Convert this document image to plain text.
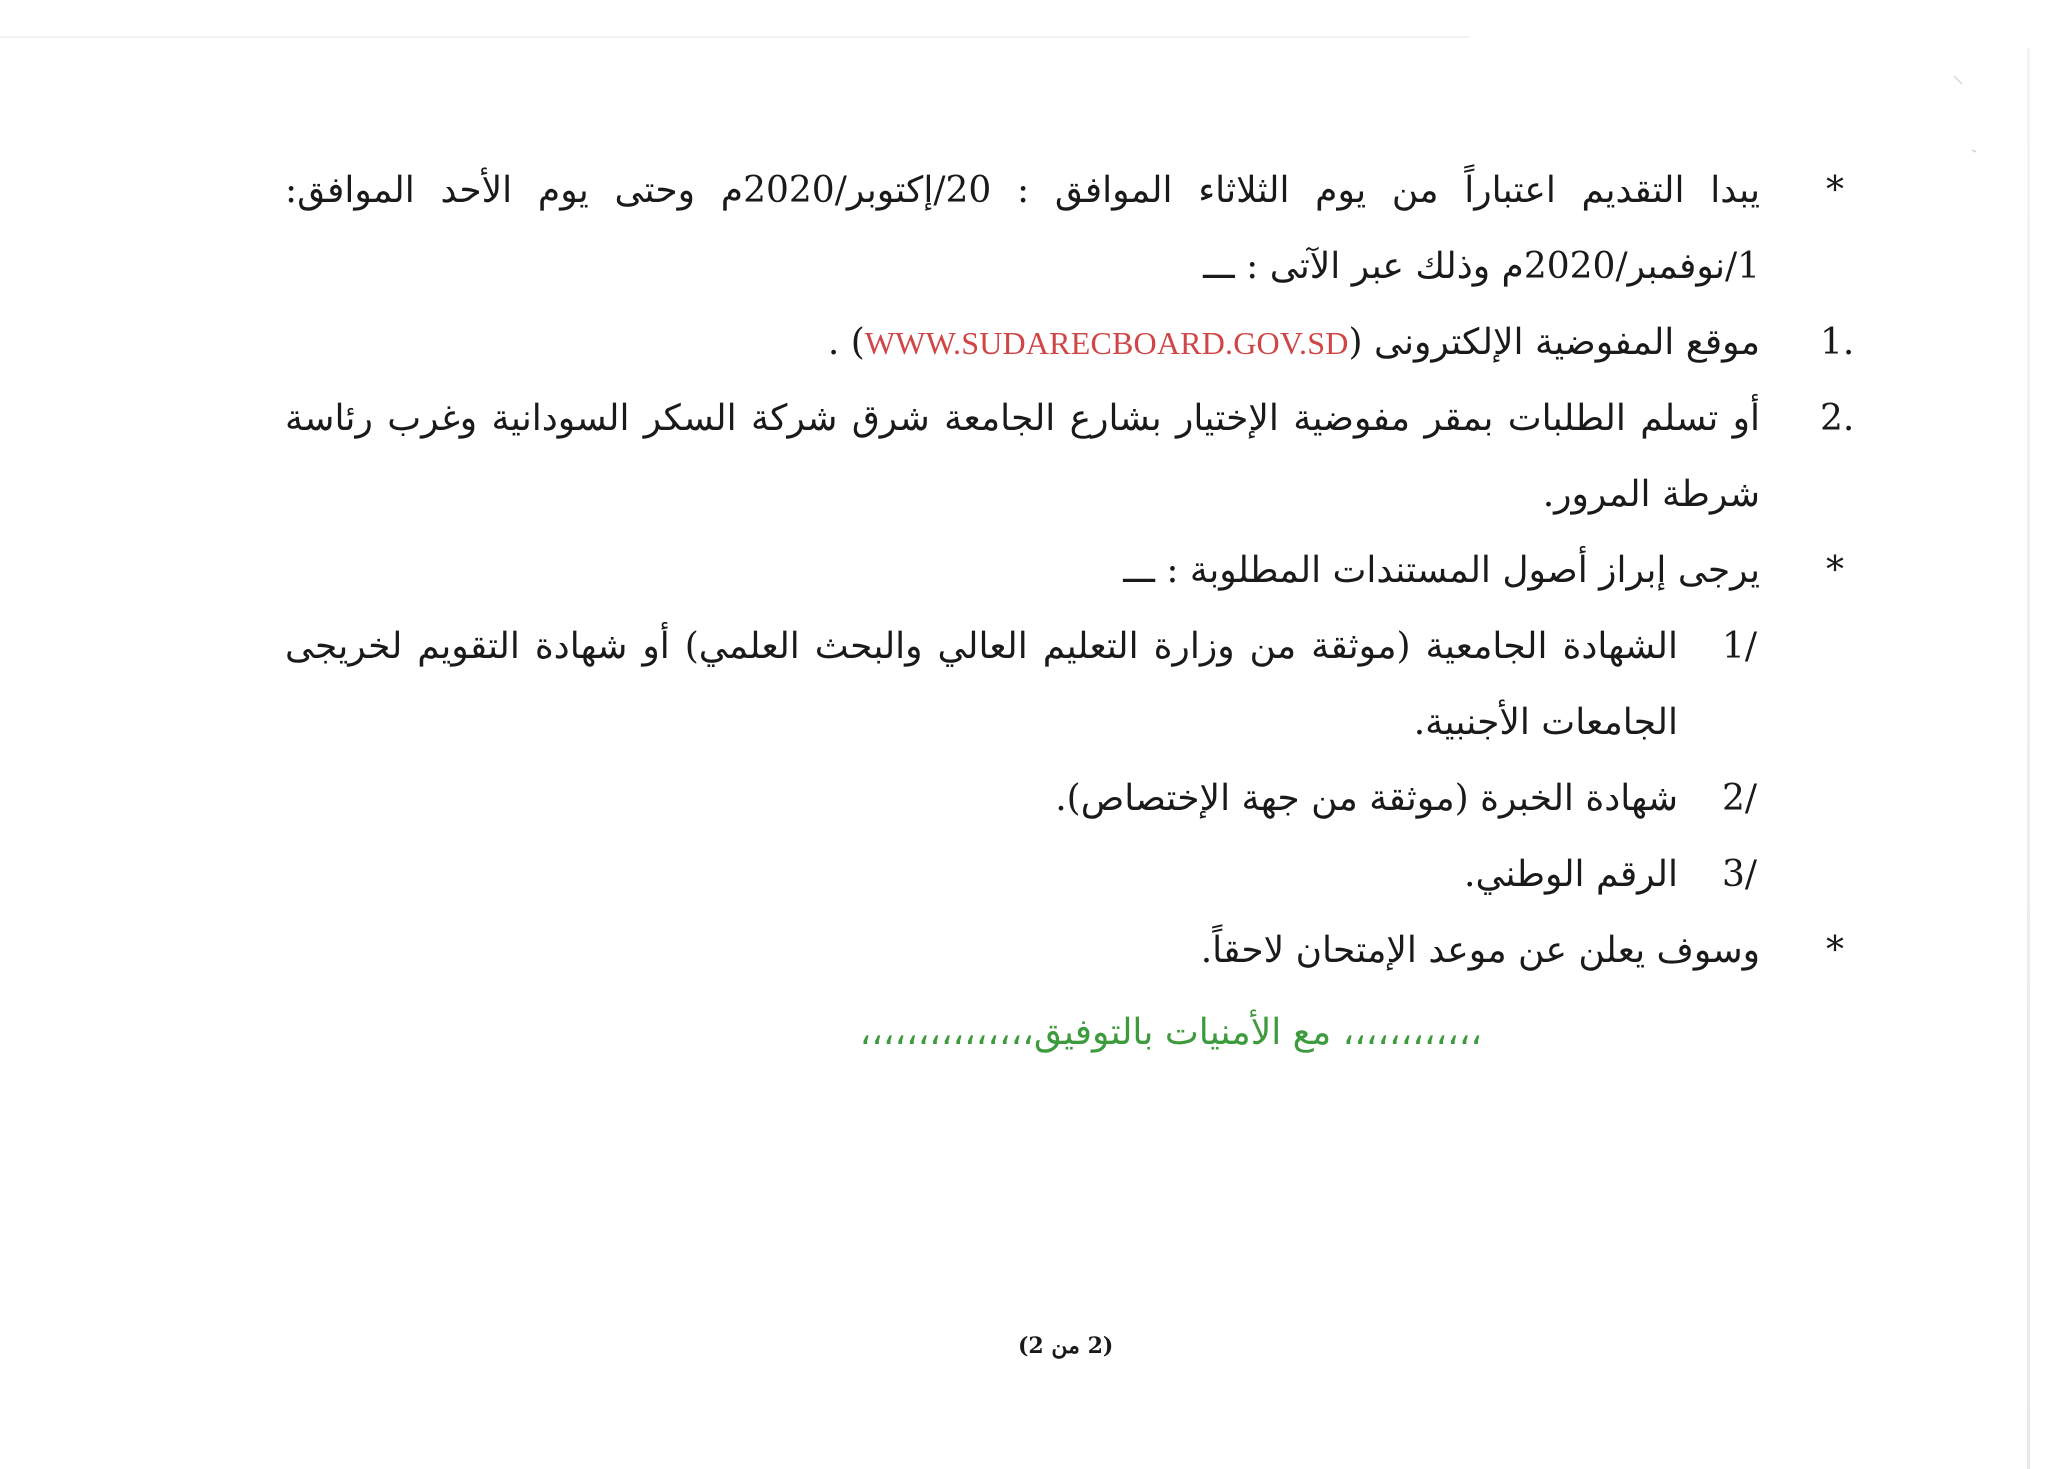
*
يبدا التقديم اعتباراً من يوم الثلاثاء الموافق : 20/إكتوبر/2020م وحتى يوم الأحد الموافق:
1/نوفمبر/2020م وذلك عبر الآتى : ـــ
1.
موقع المفوضية الإلكترونى (WWW.SUDARECBOARD.GOV.SD) .
2.
أو تسلم الطلبات بمقر مفوضية الإختيار بشارع الجامعة شرق شركة السكر السودانية وغرب رئاسة
شرطة المرور.
*
يرجى إبراز أصول المستندات المطلوبة : ـــ
1/
الشهادة الجامعية (موثقة من وزارة التعليم العالي والبحث العلمي) أو شهادة التقويم لخريجى
الجامعات الأجنبية.
2/
شهادة الخبرة (موثقة من جهة الإختصاص).
3/
الرقم الوطني.
*
وسوف يعلن عن موعد الإمتحان لاحقاً.
،،،،،،،،،،،، مع الأمنيات بالتوفيق،،،،،،،،،،،،،،،
(2 من 2)
